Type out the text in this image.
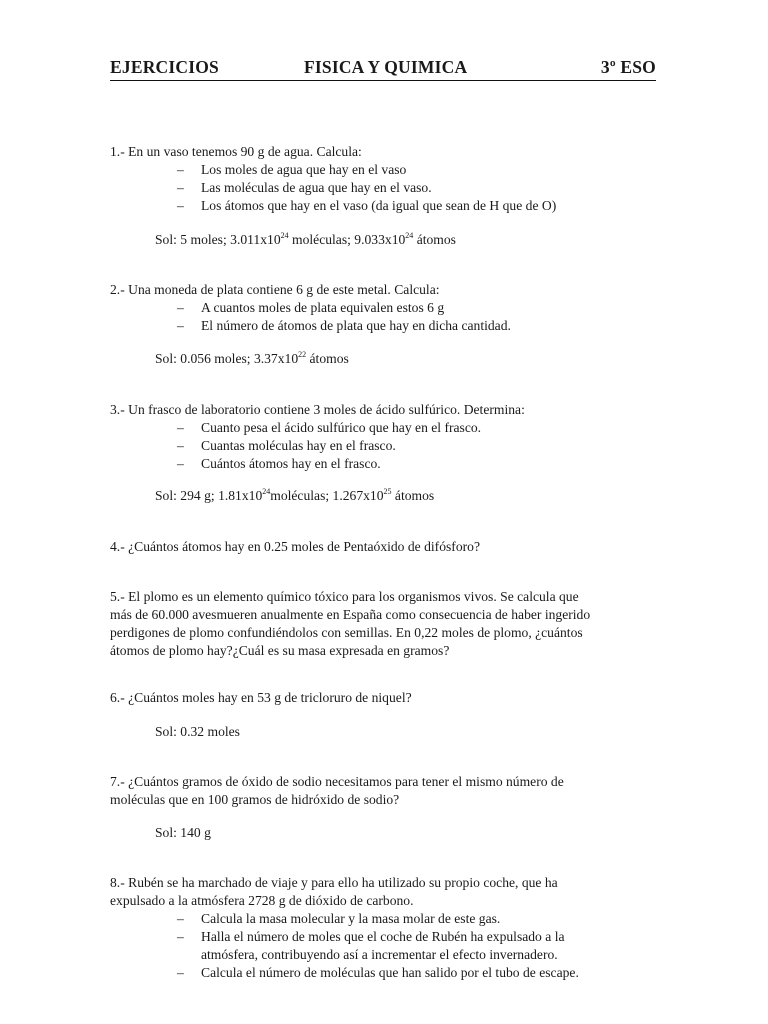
EJERCICIOS	FISICA Y QUIMICA	3º ESO
1.- En un vaso tenemos 90 g de agua. Calcula:
– Los moles de agua que hay en el vaso
– Las moléculas de agua que hay en el vaso.
– Los átomos que hay en el vaso (da igual que sean de H que de O)
Sol: 5 moles; $3.011x10^{24}$ moléculas; $9.033x10^{24}$ átomos
2.- Una moneda de plata contiene 6 g de este metal. Calcula:
– A cuantos moles de plata equivalen estos 6 g
– El número de átomos de plata que hay en dicha cantidad.
Sol: 0.056 moles; $3.37x10^{22}$ átomos
3.- Un frasco de laboratorio contiene 3 moles de ácido sulfúrico. Determina:
– Cuanto pesa el ácido sulfúrico que hay en el frasco.
– Cuantas moléculas hay en el frasco.
– Cuántos átomos hay en el frasco.
Sol: 294 g; $1.81x10^{24}moléculas$; $1.267x10^{25}$ átomos
4.- ¿Cuántos átomos hay en 0.25 moles de Pentaóxido de difósforo?
5.- El plomo es un elemento químico tóxico para los organismos vivos. Se calcula que
más de 60.000 avesmueren anualmente en España como consecuencia de haber ingerido
perdigones de plomo confundiéndolos con semillas. En 0,22 moles de plomo, ¿cuántos
átomos de plomo hay?¿Cuál es su masa expresada en gramos?
6.- ¿Cuántos moles hay en 53 g de tricloruro de niquel?
Sol: 0.32 moles
7.- ¿Cuántos gramos de óxido de sodio necesitamos para tener el mismo número de
moléculas que en 100 gramos de hidróxido de sodio?
Sol: 140 g
8.- Rubén se ha marchado de viaje y para ello ha utilizado su propio coche, que ha
expulsado a la atmósfera 2728 g de dióxido de carbono.
– Calcula la masa molecular y la masa molar de este gas.
– Halla el número de moles que el coche de Rubén ha expulsado a la
atmósfera, contribuyendo así a incrementar el efecto invernadero.
– Calcula el número de moléculas que han salido por el tubo de escape.
